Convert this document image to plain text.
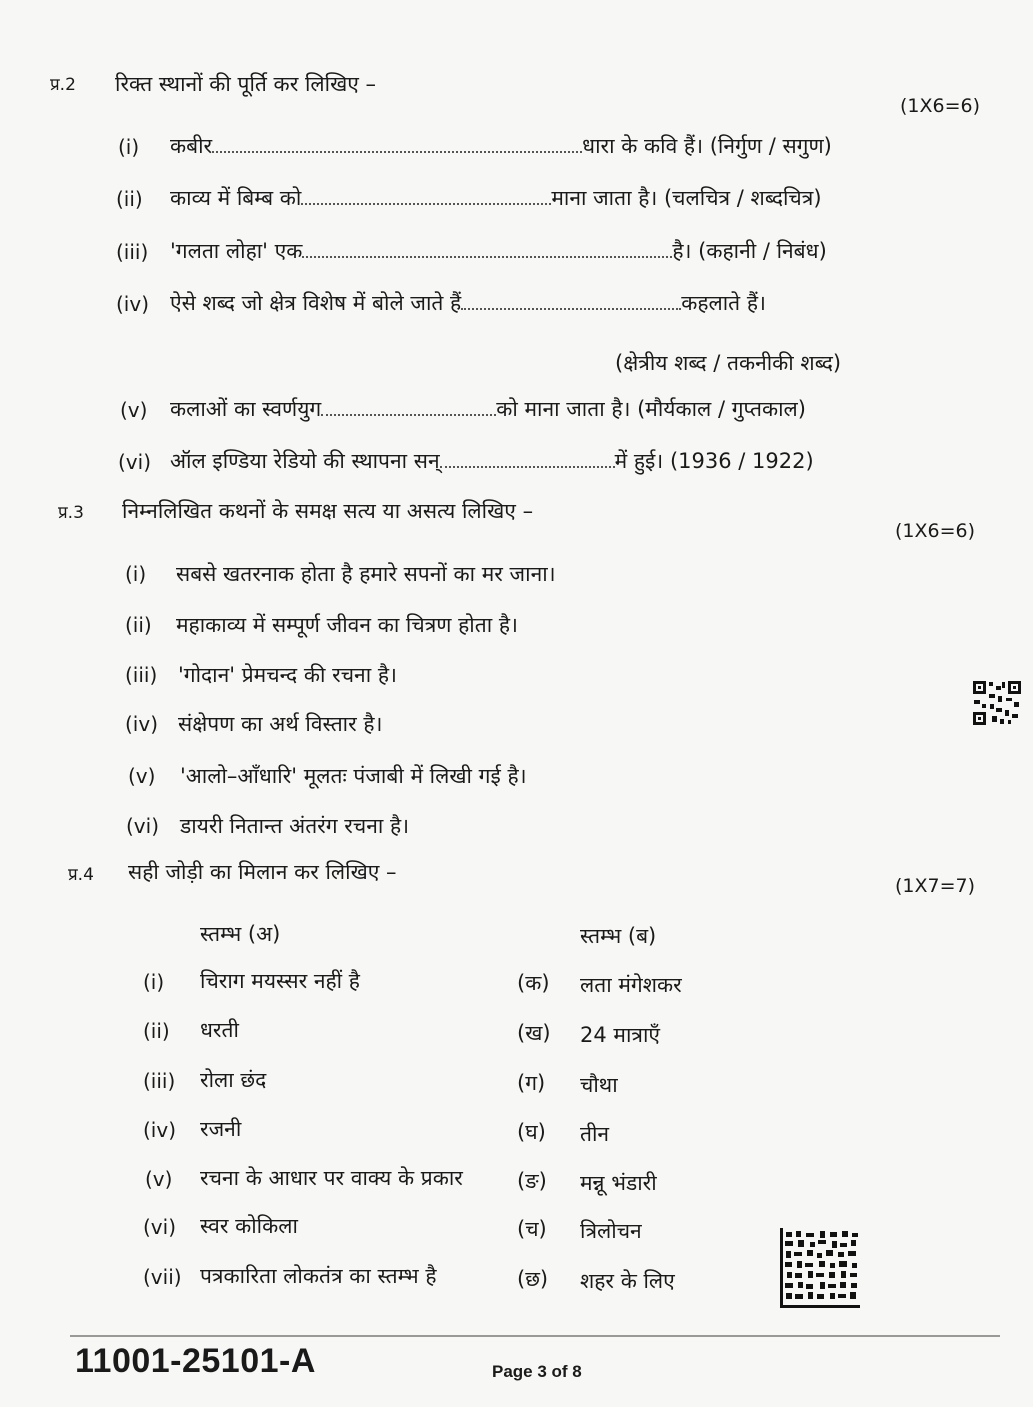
प्र.2 रिक्त स्थानों की पूर्ति कर लिखिए –
(1X6=6)
(i) कबीर	धारा के कवि हैं। (निर्गुण / सगुण)
(ii) काव्य में बिम्ब को	माना जाता है। (चलचित्र / शब्दचित्र)
(iii) 'गलता लोहा' एक	है। (कहानी / निबंध)
(iv) ऐसे शब्द जो क्षेत्र विशेष में बोले जाते हैं	कहलाते हैं।
(क्षेत्रीय शब्द / तकनीकी शब्द)
(v) कलाओं का स्वर्णयुग	को माना जाता है। (मौर्यकाल / गुप्तकाल)
(vi) ऑल इण्डिया रेडियो की स्थापना सन्	में हुई। (1936 / 1922)
प्र.3 निम्नलिखित कथनों के समक्ष सत्य या असत्य लिखिए –
(1X6=6)
(i) सबसे खतरनाक होता है हमारे सपनों का मर जाना।
(ii) महाकाव्य में सम्पूर्ण जीवन का चित्रण होता है।
(iii) 'गोदान' प्रेमचन्द की रचना है।
(iv) संक्षेपण का अर्थ विस्तार है।
(v) 'आलो–आँधारि' मूलतः पंजाबी में लिखी गई है।
(vi) डायरी नितान्त अंतरंग रचना है।
प्र.4 सही जोड़ी का मिलान कर लिखिए –
(1X7=7)
स्तम्भ (अ)	स्तम्भ (ब)
(i) चिराग मयस्सर नहीं है	(क) लता मंगेशकर
(ii) धरती	(ख) 24 मात्राएँ
(iii) रोला छंद	(ग) चौथा
(iv) रजनी	(घ) तीन
(v) रचना के आधार पर वाक्य के प्रकार	(ङ) मन्नू भंडारी
(vi) स्वर कोकिला	(च) त्रिलोचन
(vii) पत्रकारिता लोकतंत्र का स्तम्भ है	(छ) शहर के लिए
11001-25101-A	Page 3 of 8
